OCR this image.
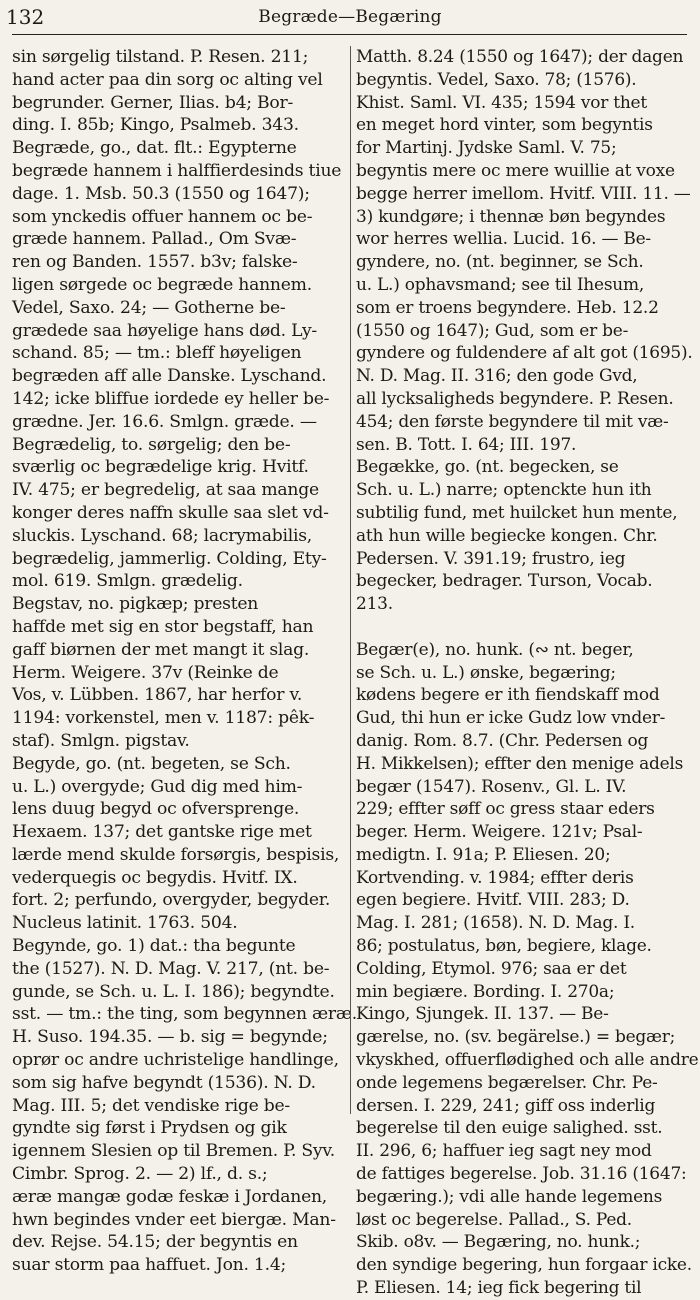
132	Begræde—Begæring
sin sørgelig tilstand. P. Resen. 211;
hand acter paa din sorg oc alting vel
begrunder. Gerner, Ilias. b4; Bor-
ding. I. 85b; Kingo, Psalmeb. 343.
Begræde, go., dat. flt.: Egypterne
begræde hannem i halffierdesinds tiue
dage. 1. Msb. 50.3 (1550 og 1647);
som ynckedis offuer hannem oc be-
græde hannem. Pallad., Om Svæ-
ren og Banden. 1557. b3v; falske-
ligen sørgede oc begræde hannem.
Vedel, Saxo. 24; — Gotherne be-
grædede saa høyelige hans død. Ly-
schand. 85; — tm.: bleff høyeligen
begræden aff alle Danske. Lyschand.
142; icke bliffue iordede ey heller be-
grædne. Jer. 16.6. Smlgn. græde. —
Begrædelig, to. sørgelig; den be-
sværlig oc begrædelige krig. Hvitf.
IV. 475; er begredelig, at saa mange
konger deres naffn skulle saa slet vd-
sluckis. Lyschand. 68; lacrymabilis,
begrædelig, jammerlig. Colding, Ety-
mol. 619. Smlgn. grædelig.
Begstav, no. pigkæp; presten
haffde met sig en stor begstaff, han
gaff biørnen der met mangt it slag.
Herm. Weigere. 37v (Reinke de
Vos, v. Lübben. 1867, har herfor v.
1194: vorkenstel, men v. 1187: pêk-
staf). Smlgn. pigstav.
Begyde, go. (nt. begeten, se Sch.
u. L.) overgyde; Gud dig med him-
lens duug begyd oc ofversprenge.
Hexaem. 137; det gantske rige met
lærde mend skulde forsørgis, bespisis,
vederquegis oc begydis. Hvitf. IX.
fort. 2; perfundo, overgyder, begyder.
Nucleus latinit. 1763. 504.
Begynde, go. 1) dat.: tha begunte
the (1527). N. D. Mag. V. 217, (nt. be-
gunde, se Sch. u. L. I. 186); begyndte.
sst. — tm.: the ting, som begynnen æræ.
H. Suso. 194.35. — b. sig = begynde;
oprør oc andre uchristelige handlinge,
som sig hafve begyndt (1536). N. D.
Mag. III. 5; det vendiske rige be-
gyndte sig først i Prydsen og gik
igennem Slesien op til Bremen. P. Syv.
Cimbr. Sprog. 2. — 2) lf., d. s.;
æræ mangæ godæ feskæ i Jordanen,
hwn begindes vnder eet biergæ. Man-
dev. Rejse. 54.15; der begyntis en
suar storm paa haffuet. Jon. 1.4;
Matth. 8.24 (1550 og 1647); der dagen
begyntis. Vedel, Saxo. 78; (1576).
Khist. Saml. VI. 435; 1594 vor thet
en meget hord vinter, som begyntis
for Martinj. Jydske Saml. V. 75;
begyntis mere oc mere wuillie at voxe
begge herrer imellom. Hvitf. VIII. 11. —
3) kundgøre; i thennæ bøn begyndes
wor herres wellia. Lucid. 16. — Be-
gyndere, no. (nt. beginner, se Sch.
u. L.) ophavsmand; see til Ihesum,
som er troens begyndere. Heb. 12.2
(1550 og 1647); Gud, som er be-
gyndere og fuldendere af alt got (1695).
N. D. Mag. II. 316; den gode Gvd,
all lycksaligheds begyndere. P. Resen.
454; den første begyndere til mit væ-
sen. B. Tott. I. 64; III. 197.
Begække, go. (nt. begecken, se
Sch. u. L.) narre; optenckte hun ith
subtilig fund, met huilcket hun mente,
ath hun wille begiecke kongen. Chr.
Pedersen. V. 391.19; frustro, ieg
begecker, bedrager. Turson, Vocab.
213.
Begær(e), no. hunk. (∾ nt. beger,
se Sch. u. L.) ønske, begæring;
kødens begere er ith fiendskaff mod
Gud, thi hun er icke Gudz low vnder-
danig. Rom. 8.7. (Chr. Pedersen og
H. Mikkelsen); effter den menige adels
begær (1547). Rosenv., Gl. L. IV.
229; effter søff oc gress staar eders
beger. Herm. Weigere. 121v; Psal-
medigtn. I. 91a; P. Eliesen. 20;
Kortvending. v. 1984; effter deris
egen begiere. Hvitf. VIII. 283; D.
Mag. I. 281; (1658). N. D. Mag. I.
86; postulatus, bøn, begiere, klage.
Colding, Etymol. 976; saa er det
min begiære. Bording. I. 270a;
Kingo, Sjungek. II. 137. — Be-
gærelse, no. (sv. begärelse.) = begær;
vkyskhed, offuerflødighed och alle andre
onde legemens begærelser. Chr. Pe-
dersen. I. 229, 241; giff oss inderlig
begerelse til den euige salighed. sst.
II. 296, 6; haffuer ieg sagt ney mod
de fattiges begerelse. Job. 31.16 (1647:
begæring.); vdi alle hande legemens
løst oc begerelse. Pallad., S. Ped.
Skib. o8v. — Begæring, no. hunk.;
den syndige begering, hun forgaar icke.
P. Eliesen. 14; ieg fick begering til
